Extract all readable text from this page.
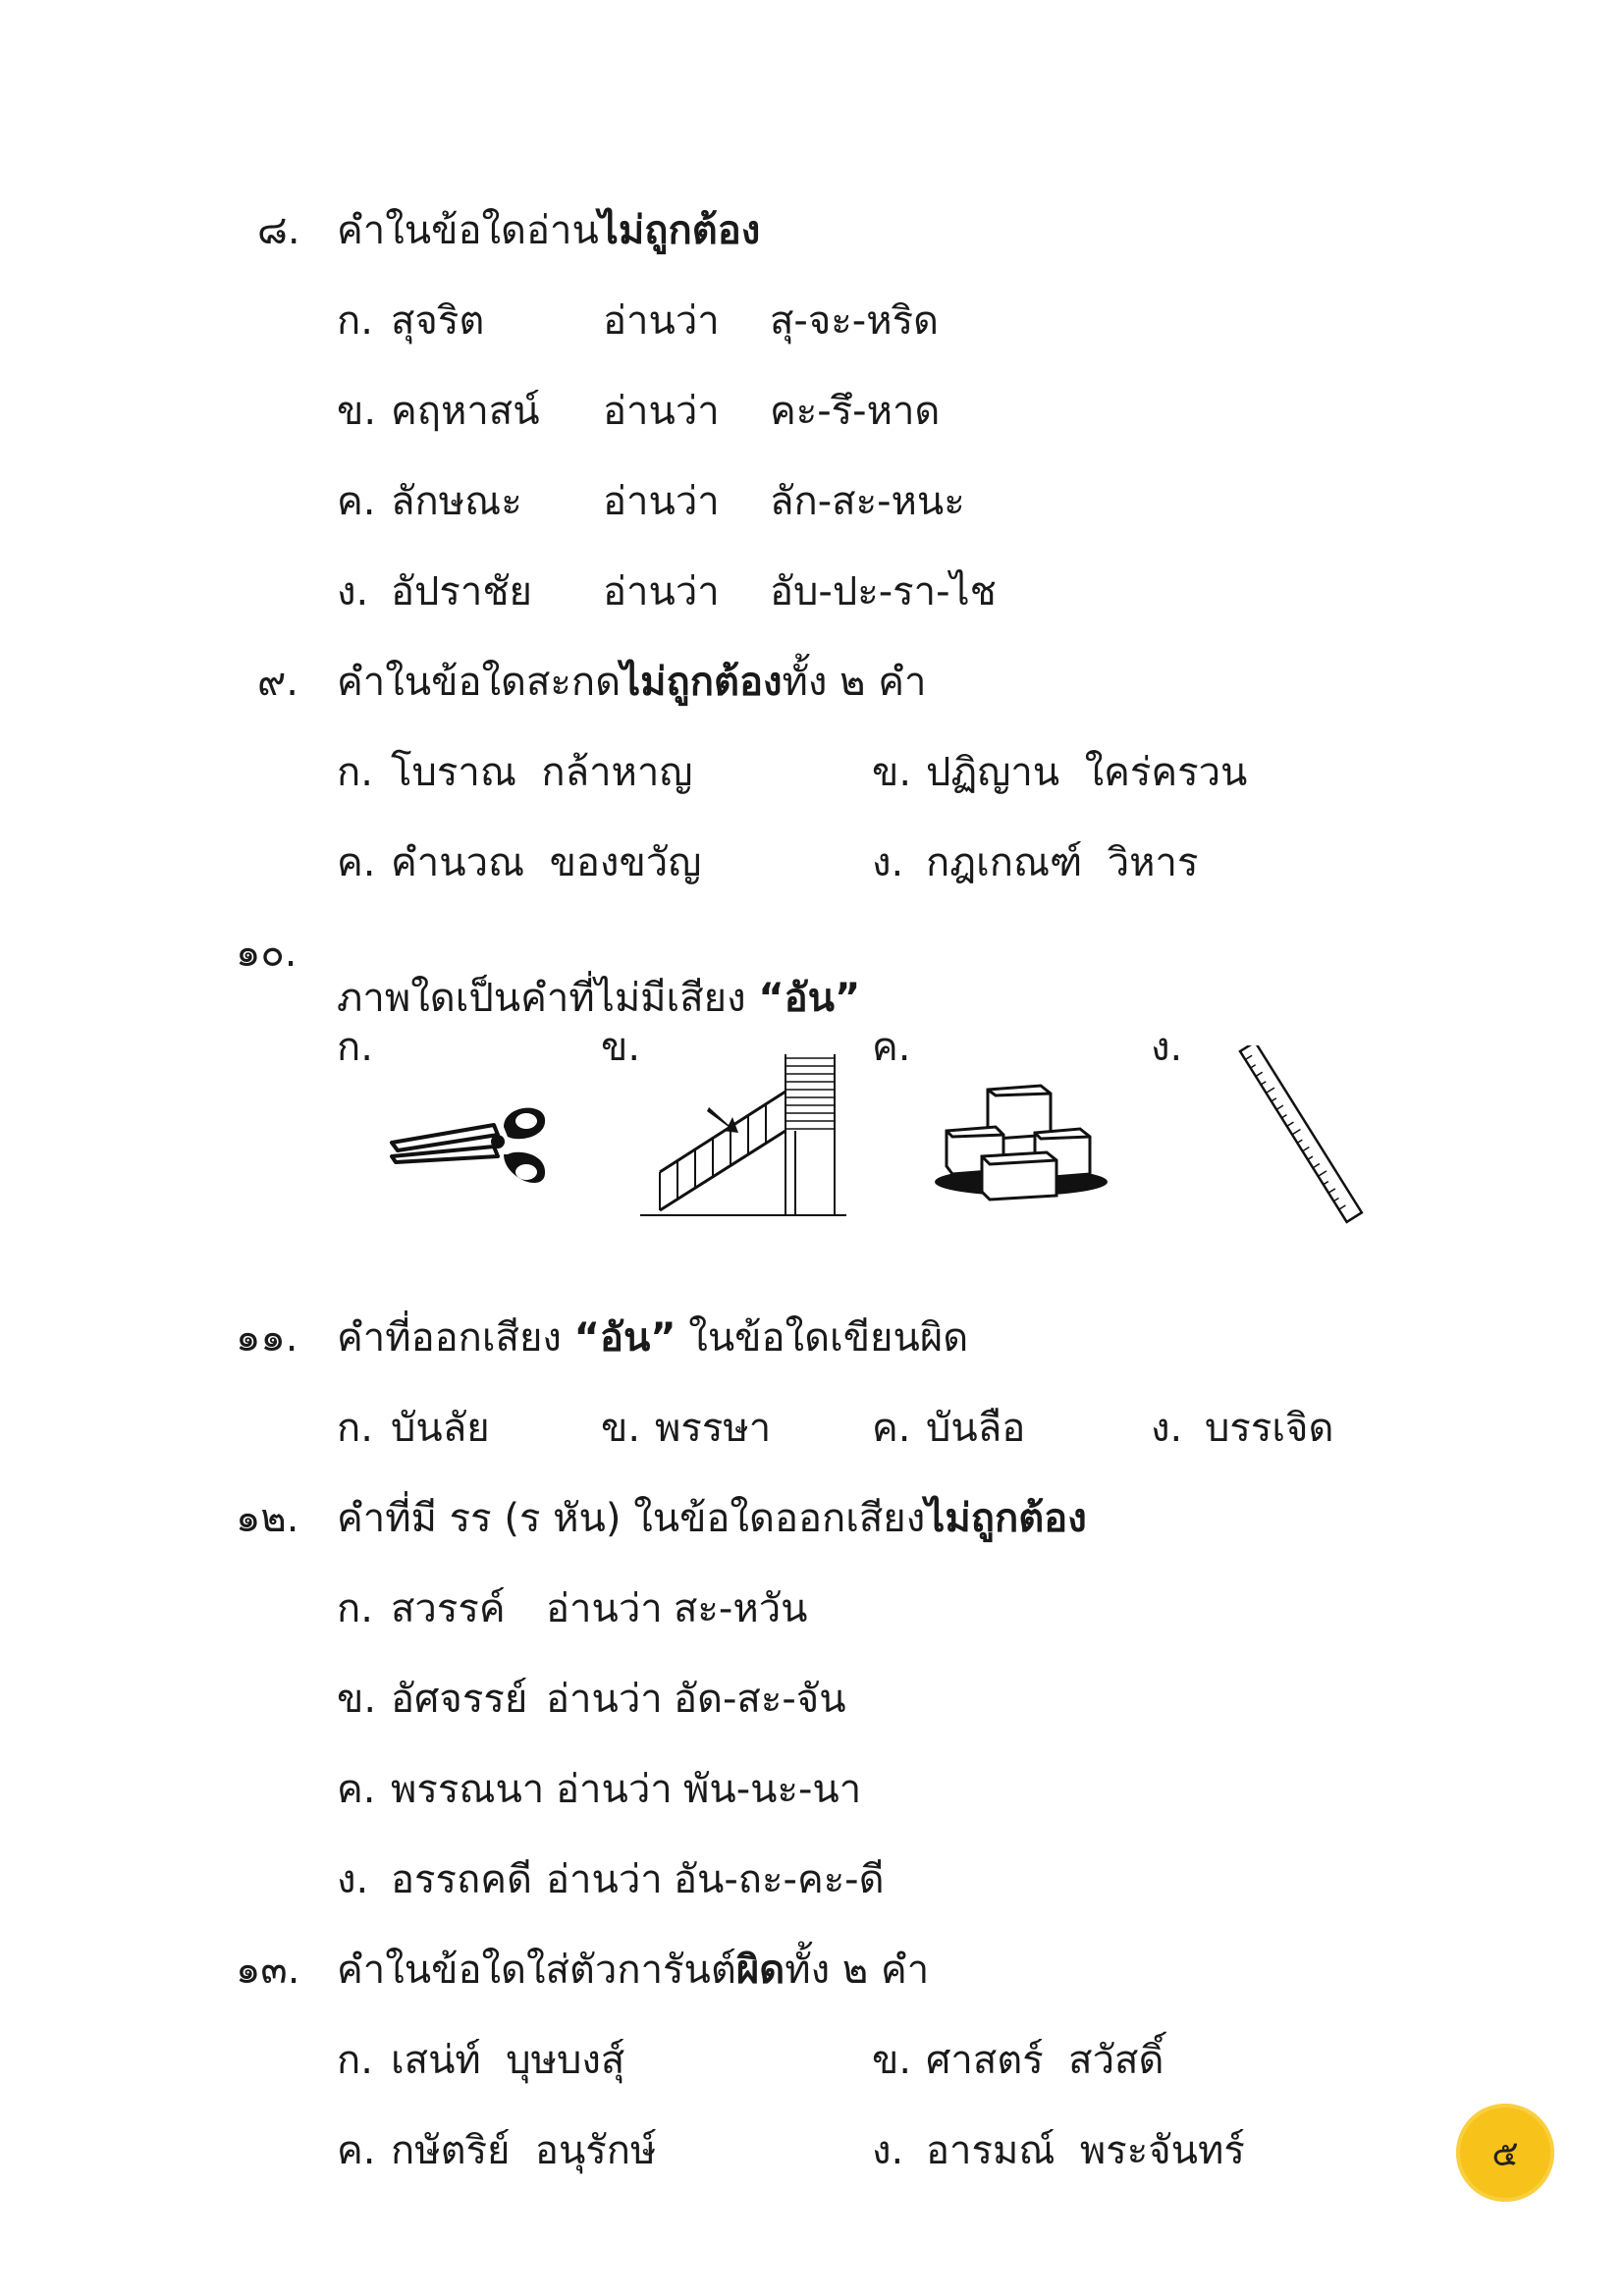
๘. คำในข้อใดอ่านไม่ถูกต้อง
ก. สุจริต	อ่านว่า สุ-จะ-หริด
ข. คฤหาสน์ อ่านว่า คะ-รึ-หาด
ค. ลักษณะ อ่านว่า ลัก-สะ-หนะ
ง. อัปราชัย อ่านว่า อับ-ปะ-รา-ไช
๙. คำในข้อใดสะกดไม่ถูกต้องทั้ง ๒ คำ
ก. โบราณ  กล้าหาญ	ข. ปฏิญาน  ใคร่ครวน
ค. คำนวณ  ของขวัญ	ง. กฎเกณฑ์  วิหาร
๑๐.

ภาพใดเป็นคำที่ไม่มีเสียง “อัน”
ก.	ข.	ค.	ง.
๑๑. คำที่ออกเสียง “อัน” ในข้อใดเขียนผิด
ก. บันลัย	ข. พรรษา	ค. บันลือ	ง. บรรเจิด
๑๒. คำที่มี รร (ร หัน) ในข้อใดออกเสียงไม่ถูกต้อง
ก. สวรรค์ อ่านว่า สะ-หวัน
ข. อัศจรรย์ อ่านว่า อัด-สะ-จัน
ค. พรรณนา อ่านว่า พัน-นะ-นา
ง. อรรถคดี อ่านว่า อัน-ถะ-คะ-ดี
๑๓. คำในข้อใดใส่ตัวการันต์ผิดทั้ง ๒ คำ
ก. เสน่ท์  บุษบงสุ์	ข. ศาสตร์  สวัสดิ์
ค. กษัตริย์  อนุรักษ์	ง. อารมณ์  พระจันทร์	๕
